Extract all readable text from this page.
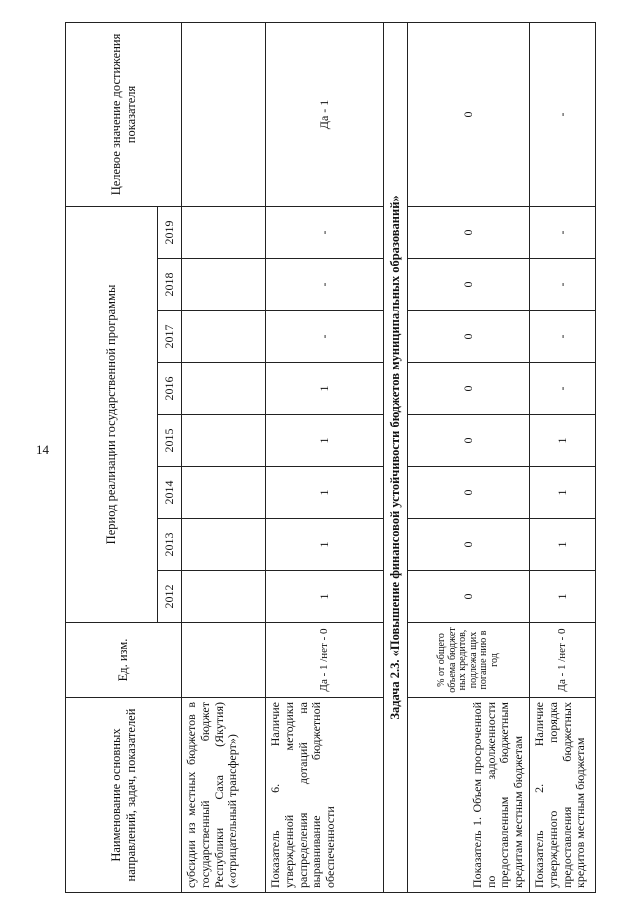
14
Наименование основных направлений, задач, показателей	Ед. изм.	Период реализации государственной программы								Целевое значение достижения показателя
		2012	2013	2014	2015	2016	2017	2018	2019	
субсидии из местных бюджетов в государственный бюджет Республики Саха (Якутия) («отрицательный трансферт»)										
Показатель 6. Наличие утвержденной методики распределения дотаций на выравнивание бюджетной обеспеченности	Да - 1 /нет - 0	1	1	1	1	1	-	-	-	Да - 1
Задача 2.3. «Повышение финансовой устойчивости бюджетов муниципальных образований»										
Показатель 1. Объем просроченной по задолженности предоставленным бюджетным кредитам местным бюджетам	% от общего объема бюджет ных кредитов, подлежа щих погаше нию в год	0	0	0	0	0	0	0	0	0
Показатель 2. Наличие утвержденного порядка предоставления бюджетных кредитов местным бюджетам	Да - 1 /нет - 0	1	1	1	1	-	-	-	-	-
